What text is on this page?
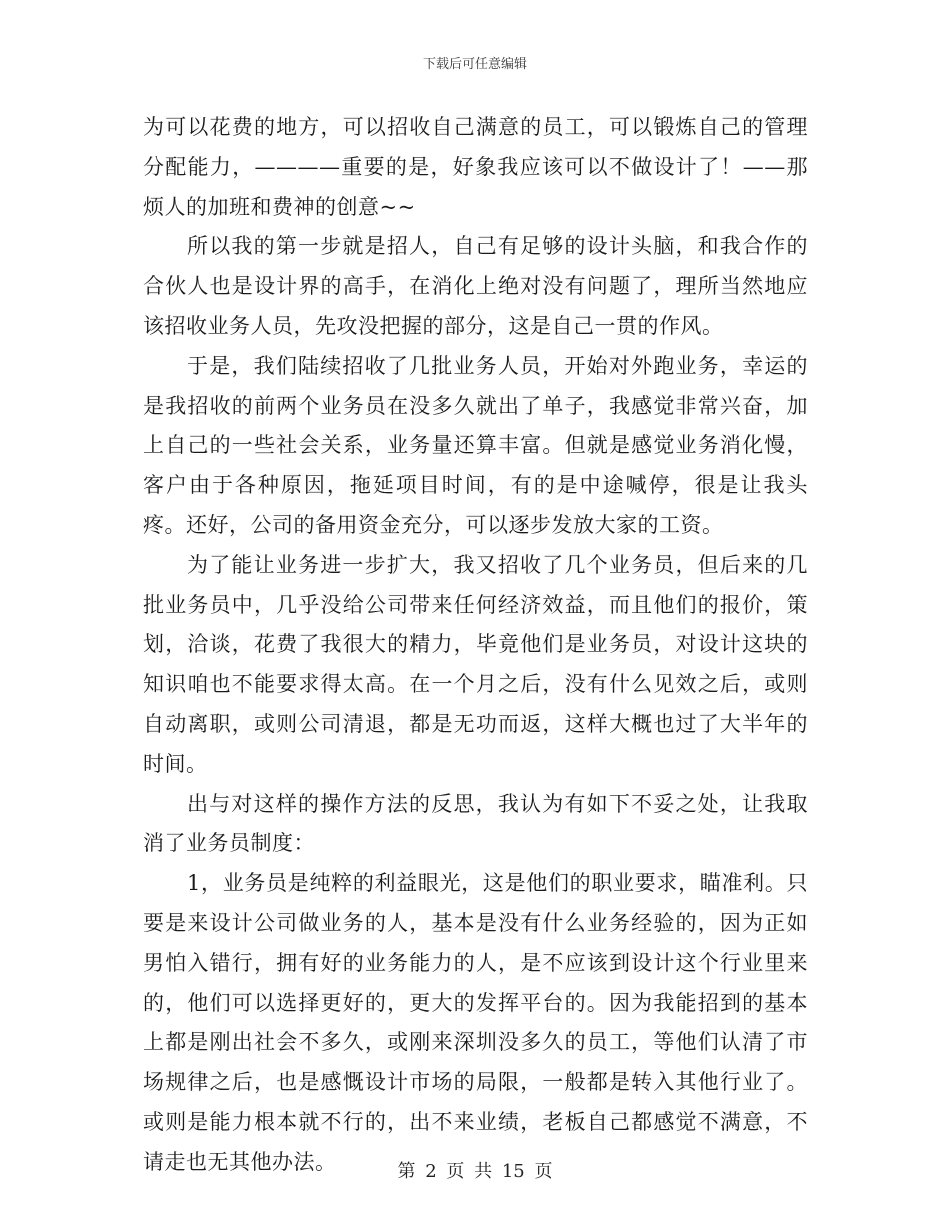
下载后可任意编辑

为可以花费的地方，可以招收自己满意的员工，可以锻炼自己的管理分配能力，————重要的是，好象我应该可以不做设计了！——那烦人的加班和费神的创意~~

所以我的第一步就是招人，自己有足够的设计头脑，和我合作的合伙人也是设计界的高手，在消化上绝对没有问题了，理所当然地应该招收业务人员，先攻没把握的部分，这是自己一贯的作风。

于是，我们陆续招收了几批业务人员，开始对外跑业务，幸运的是我招收的前两个业务员在没多久就出了单子，我感觉非常兴奋，加上自己的一些社会关系，业务量还算丰富。但就是感觉业务消化慢，客户由于各种原因，拖延项目时间，有的是中途喊停，很是让我头疼。还好，公司的备用资金充分，可以逐步发放大家的工资。

为了能让业务进一步扩大，我又招收了几个业务员，但后来的几批业务员中，几乎没给公司带来任何经济效益，而且他们的报价，策划，洽谈，花费了我很大的精力，毕竟他们是业务员，对设计这块的知识咱也不能要求得太高。在一个月之后，没有什么见效之后，或则自动离职，或则公司清退，都是无功而返，这样大概也过了大半年的时间。

出与对这样的操作方法的反思，我认为有如下不妥之处，让我取消了业务员制度：

1，业务员是纯粹的利益眼光，这是他们的职业要求，瞄准利。只要是来设计公司做业务的人，基本是没有什么业务经验的，因为正如男怕入错行，拥有好的业务能力的人，是不应该到设计这个行业里来的，他们可以选择更好的，更大的发挥平台的。因为我能招到的基本上都是刚出社会不多久，或刚来深圳没多久的员工，等他们认清了市场规律之后，也是感慨设计市场的局限，一般都是转入其他行业了。或则是能力根本就不行的，出不来业绩，老板自己都感觉不满意，不请走也无其他办法。	第 2 页 共 15 页
